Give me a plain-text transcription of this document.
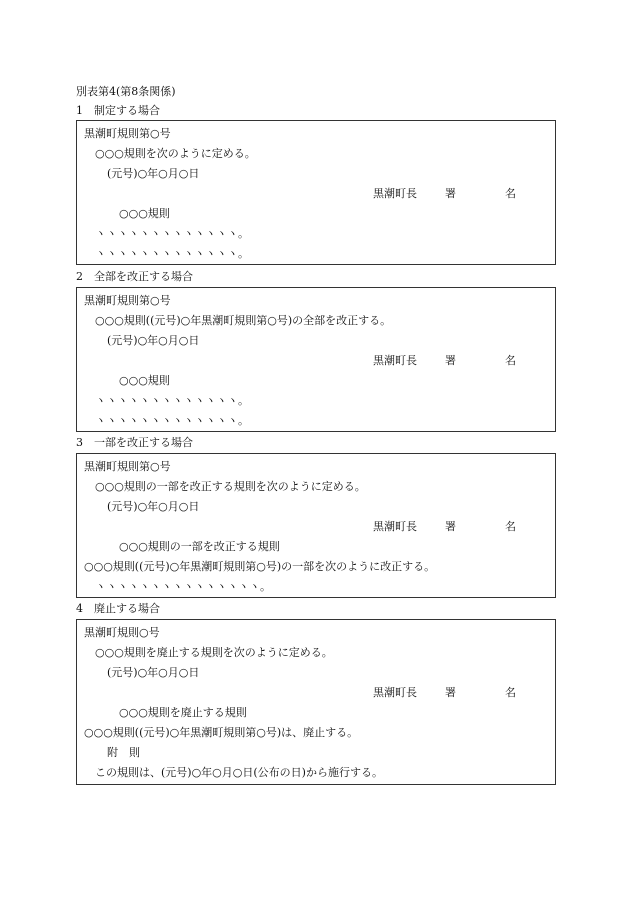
別表第4(第8条関係)
1　制定する場合
黒潮町規則第○号
○○○規則を次のように定める。
(元号)○年○月○日
黒潮町長	署	名
○○○規則
ヽヽヽヽヽヽヽヽヽヽヽヽヽ。
ヽヽヽヽヽヽヽヽヽヽヽヽヽ。
2　全部を改正する場合
黒潮町規則第○号
○○○規則((元号)○年黒潮町規則第○号)の全部を改正する。
(元号)○年○月○日
黒潮町長	署	名
○○○規則
ヽヽヽヽヽヽヽヽヽヽヽヽヽ。
ヽヽヽヽヽヽヽヽヽヽヽヽヽ。
3　一部を改正する場合
黒潮町規則第○号
○○○規則の一部を改正する規則を次のように定める。
(元号)○年○月○日
黒潮町長	署	名
○○○規則の一部を改正する規則
○○○規則((元号)○年黒潮町規則第○号)の一部を次のように改正する。
ヽヽヽヽヽヽヽヽヽヽヽヽヽヽヽ。
4　廃止する場合
黒潮町規則○号
○○○規則を廃止する規則を次のように定める。
(元号)○年○月○日
黒潮町長	署	名
○○○規則を廃止する規則
○○○規則((元号)○年黒潮町規則第○号)は、廃止する。
附　則
この規則は、(元号)○年○月○日(公布の日)から施行する。
